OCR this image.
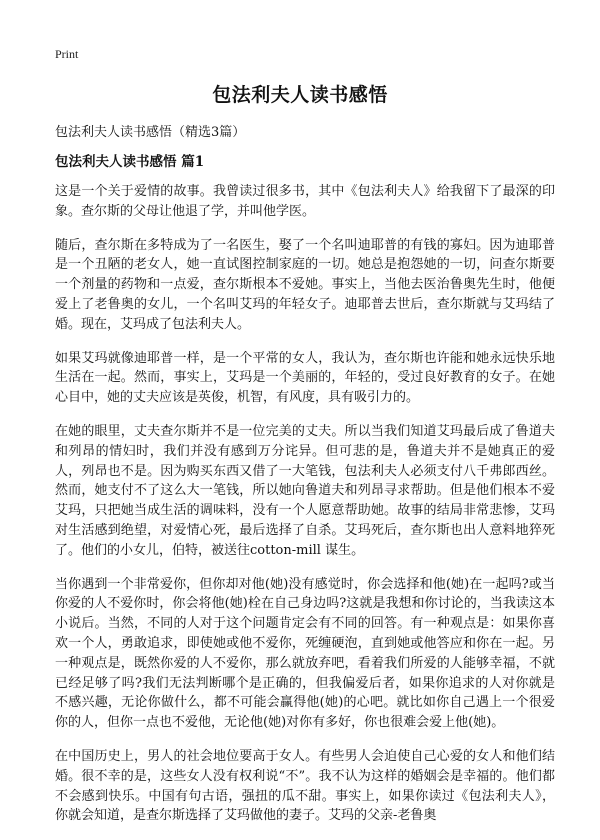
Print
包法利夫人读书感悟
包法利夫人读书感悟（精选3篇）
包法利夫人读书感悟 篇1

这是一个关于爱情的故事。我曾读过很多书，其中《包法利夫人》给我留下了最深的印象。查尔斯的父母让他退了学，并叫他学医。

随后，查尔斯在多特成为了一名医生，娶了一个名叫迪耶普的有钱的寡妇。因为迪耶普是一个丑陋的老女人，她一直试图控制家庭的一切。她总是抱怨她的一切，问查尔斯要一个剂量的药物和一点爱，查尔斯根本不爱她。事实上，当他去医治鲁奥先生时，他便爱上了老鲁奥的女儿，一个名叫艾玛的年轻女子。迪耶普去世后，查尔斯就与艾玛结了婚。现在，艾玛成了包法利夫人。

如果艾玛就像迪耶普一样，是一个平常的女人，我认为，查尔斯也许能和她永远快乐地生活在一起。然而，事实上，艾玛是一个美丽的，年轻的，受过良好教育的女子。在她心目中，她的丈夫应该是英俊，机智，有风度，具有吸引力的。

在她的眼里，丈夫查尔斯并不是一位完美的丈夫。所以当我们知道艾玛最后成了鲁道夫和列昂的情妇时，我们并没有感到万分诧异。但可悲的是，鲁道夫并不是她真正的爱人，列昂也不是。因为购买东西又借了一大笔钱，包法利夫人必须支付八千弗郎西丝。然而，她支付不了这么大一笔钱，所以她向鲁道夫和列昂寻求帮助。但是他们根本不爱艾玛，只把她当成生活的调味料，没有一个人愿意帮助她。故事的结局非常悲惨，艾玛对生活感到绝望，对爱情心死，最后选择了自杀。艾玛死后，查尔斯也出人意料地猝死了。他们的小女儿，伯特，被送往cotton-mill 谋生。

当你遇到一个非常爱你，但你却对他(她)没有感觉时，你会选择和他(她)在一起吗?或当你爱的人不爱你时，你会将他(她)栓在自己身边吗?这就是我想和你讨论的，当我读这本小说后。当然，不同的人对于这个问题肯定会有不同的回答。有一种观点是：如果你喜欢一个人，勇敢追求，即使她或他不爱你，死缠硬泡，直到她或他答应和你在一起。另一种观点是，既然你爱的人不爱你，那么就放弃吧，看着我们所爱的人能够幸福，不就已经足够了吗?我们无法判断哪个是正确的，但我偏爱后者，如果你追求的人对你就是不感兴趣，无论你做什么，都不可能会赢得他(她)的心吧。就比如你自己遇上一个很爱你的人，但你一点也不爱他，无论他(她)对你有多好，你也很难会爱上他(她)。

在中国历史上，男人的社会地位要高于女人。有些男人会迫使自己心爱的女人和他们结婚。很不幸的是，这些女人没有权利说“不”。我不认为这样的婚姻会是幸福的。他们都不会感到快乐。中国有句古语，强扭的瓜不甜。事实上，如果你读过《包法利夫人》，你就会知道，是查尔斯选择了艾玛做他的妻子。艾玛的父亲-老鲁奥
